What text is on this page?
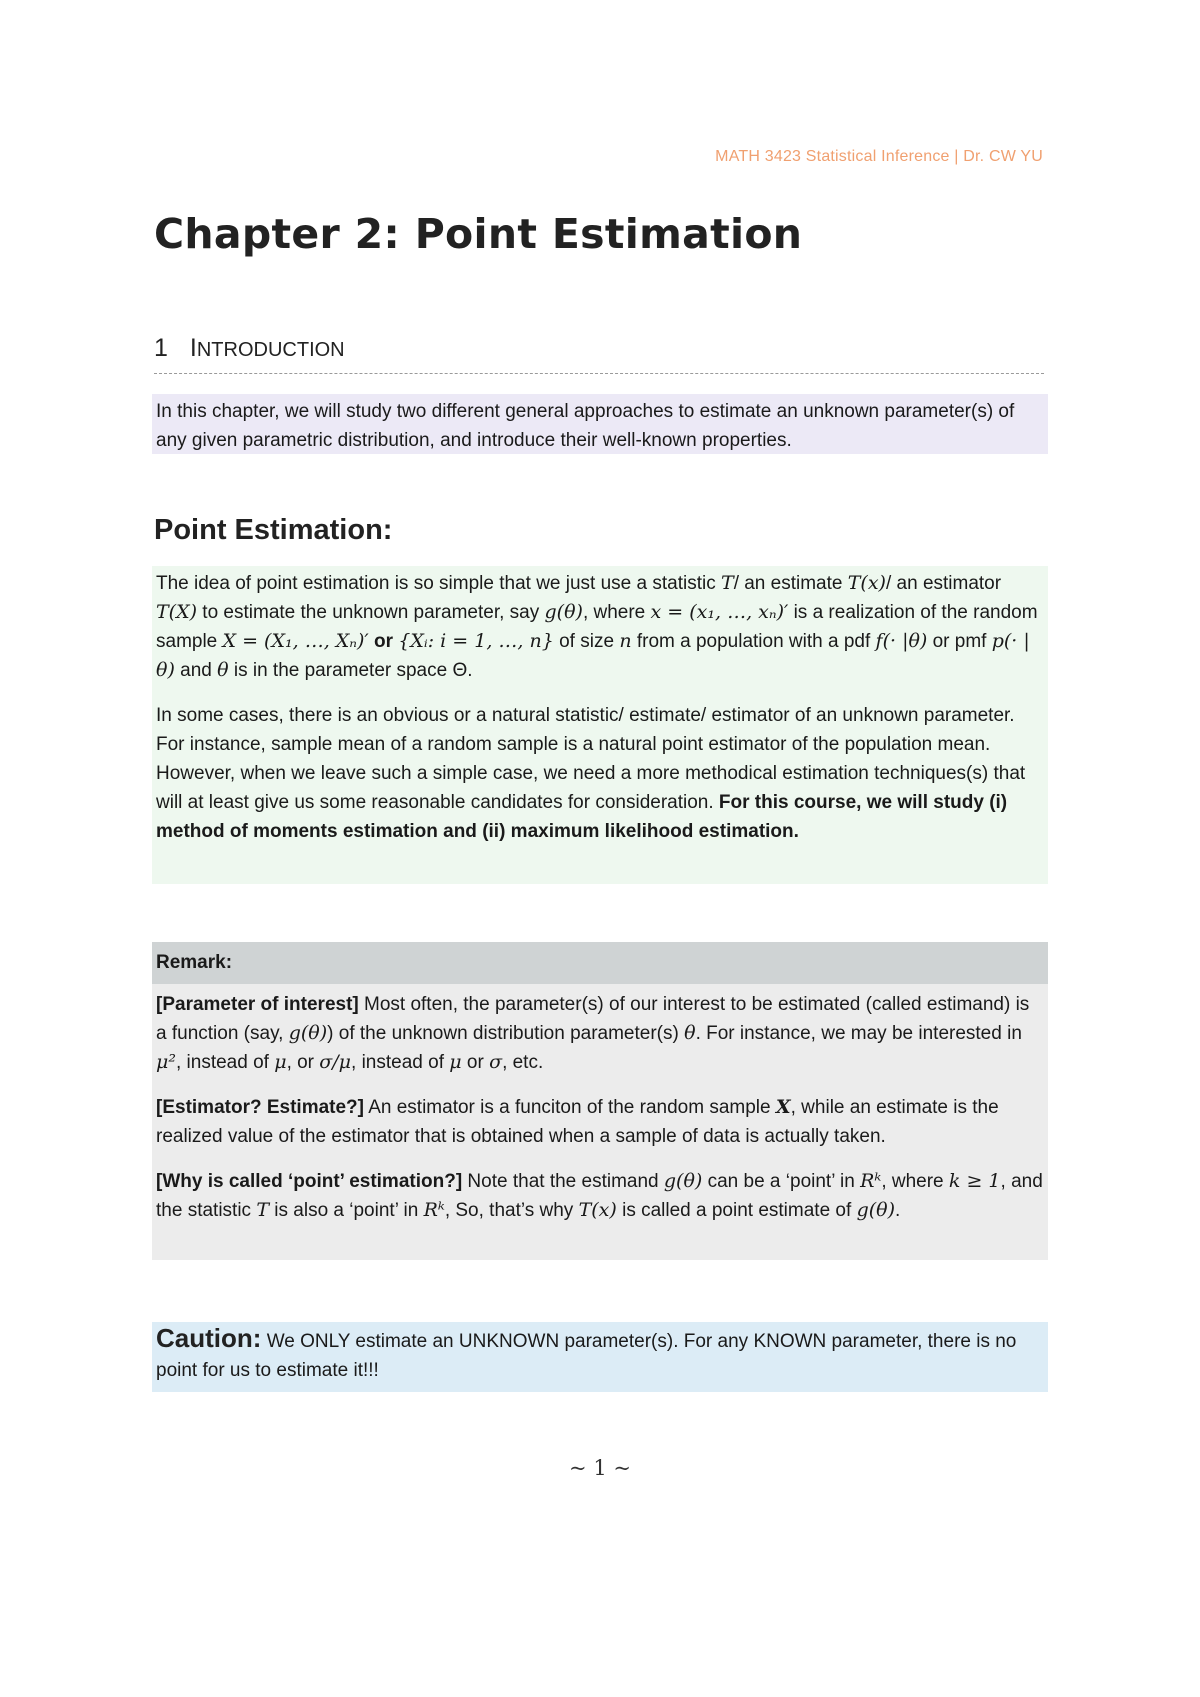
MATH 3423 Statistical Inference | Dr. CW YU
Chapter 2: Point Estimation
1 INTRODUCTION

In this chapter, we will study two different general approaches to estimate an unknown parameter(s) of any given parametric distribution, and introduce their well-known properties.

Point Estimation:

The idea of point estimation is so simple that we just use a statistic T/ an estimate T(x)/ an estimator T(X) to estimate the unknown parameter, say g(θ), where x = (x₁, …, xₙ)′ is a realization of the random sample X = (X₁, …, Xₙ)′ or {Xᵢ: i = 1, …, n} of size n from a population with a pdf f(· |θ) or pmf p(· |θ) and θ is in the parameter space Θ.

In some cases, there is an obvious or a natural statistic/ estimate/ estimator of an unknown parameter. For instance, sample mean of a random sample is a natural point estimator of the population mean. However, when we leave such a simple case, we need a more methodical estimation techniques(s) that will at least give us some reasonable candidates for consideration. For this course, we will study (i) method of moments estimation and (ii) maximum likelihood estimation.

Remark:

[Parameter of interest] Most often, the parameter(s) of our interest to be estimated (called estimand) is a function (say, g(θ)) of the unknown distribution parameter(s) θ. For instance, we may be interested in μ², instead of μ, or σ/μ, instead of μ or σ, etc.

[Estimator? Estimate?] An estimator is a funciton of the random sample X, while an estimate is the realized value of the estimator that is obtained when a sample of data is actually taken.

[Why is called ‘point’ estimation?] Note that the estimand g(θ) can be a ‘point’ in Rᵏ, where k ≥ 1, and the statistic T is also a ‘point’ in Rᵏ, So, that’s why T(x) is called a point estimate of g(θ).

Caution: We ONLY estimate an UNKNOWN parameter(s). For any KNOWN parameter, there is no point for us to estimate it!!!

~ 1 ~
